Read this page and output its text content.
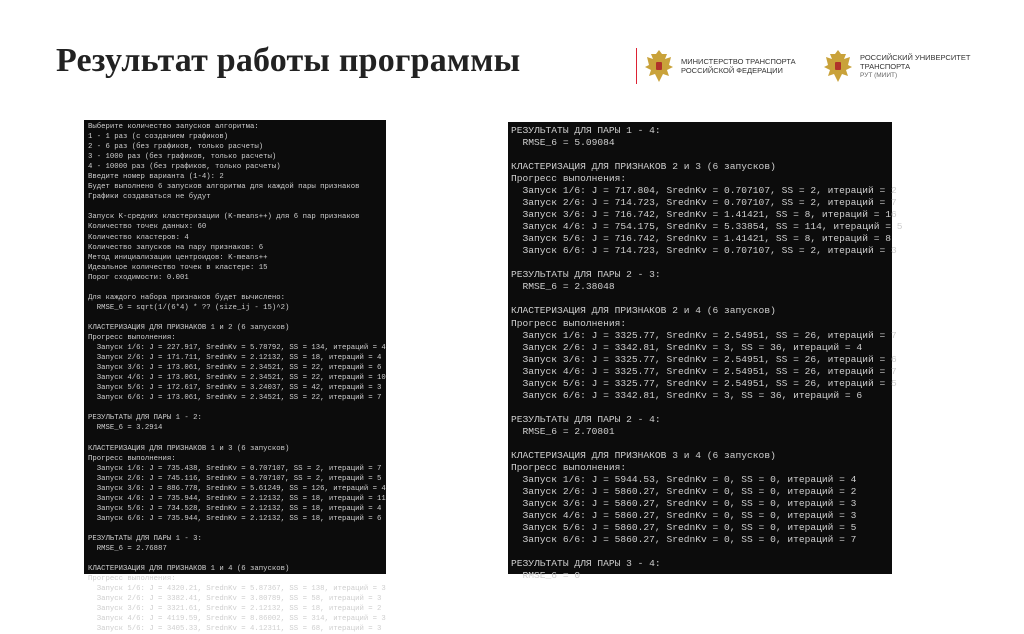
Результат работы программы	МИНИСТЕРСТВО ТРАНСПОРТА
РОССИЙСКОЙ ФЕДЕРАЦИИ
РОССИЙСКИЙ УНИВЕРСИТЕТ
ТРАНСПОРТА
РУТ (МИИТ)
Выберите количество запусков алгоритма:
1 - 1 раз (с созданием графиков)
2 - 6 раз (без графиков, только расчеты)
3 - 1000 раз (без графиков, только расчеты)
4 - 10000 раз (без графиков, только расчеты)
Введите номер варианта (1-4): 2
Будет выполнено 6 запусков алгоритма для каждой пары признаков
Графики создаваться не будут

Запуск K-средних кластеризации (K-means++) для 6 пар признаков
Количество точек данных: 60
Количество кластеров: 4
Количество запусков на пару признаков: 6
Метод инициализации центроидов: K-means++
Идеальное количество точек в кластере: 15
Порог сходимости: 0.001

Для каждого набора признаков будет вычислено:
RMSE_6 = sqrt(1/(6*4) * ?? (size_ij - 15)^2)

КЛАСТЕРИЗАЦИЯ ДЛЯ ПРИЗНАКОВ 1 и 2 (6 запусков)
Прогресс выполнения:
Запуск 1/6: J = 227.917, SrednKv = 5.78792, SS = 134, итераций = 4
Запуск 2/6: J = 171.711, SrednKv = 2.12132, SS = 18, итераций = 4
Запуск 3/6: J = 173.061, SrednKv = 2.34521, SS = 22, итераций = 6
Запуск 4/6: J = 173.061, SrednKv = 2.34521, SS = 22, итераций = 10
Запуск 5/6: J = 172.617, SrednKv = 3.24037, SS = 42, итераций = 3
Запуск 6/6: J = 173.061, SrednKv = 2.34521, SS = 22, итераций = 7

РЕЗУЛЬТАТЫ ДЛЯ ПАРЫ 1 - 2:
RMSE_6 = 3.2914

КЛАСТЕРИЗАЦИЯ ДЛЯ ПРИЗНАКОВ 1 и 3 (6 запусков)
Прогресс выполнения:
Запуск 1/6: J = 735.438, SrednKv = 0.707107, SS = 2, итераций = 7
Запуск 2/6: J = 745.116, SrednKv = 0.707107, SS = 2, итераций = 5
Запуск 3/6: J = 886.778, SrednKv = 5.61249, SS = 126, итераций = 4
Запуск 4/6: J = 735.944, SrednKv = 2.12132, SS = 18, итераций = 11
Запуск 5/6: J = 734.528, SrednKv = 2.12132, SS = 18, итераций = 4
Запуск 6/6: J = 735.944, SrednKv = 2.12132, SS = 18, итераций = 6

РЕЗУЛЬТАТЫ ДЛЯ ПАРЫ 1 - 3:
RMSE_6 = 2.76887

КЛАСТЕРИЗАЦИЯ ДЛЯ ПРИЗНАКОВ 1 и 4 (6 запусков)
Прогресс выполнения:
Запуск 1/6: J = 4320.21, SrednKv = 5.87367, SS = 138, итераций = 3
Запуск 2/6: J = 3382.41, SrednKv = 3.80789, SS = 58, итераций = 3
Запуск 3/6: J = 3321.61, SrednKv = 2.12132, SS = 18, итераций = 2
Запуск 4/6: J = 4119.59, SrednKv = 8.86002, SS = 314, итераций = 3
Запуск 5/6: J = 3405.33, SrednKv = 4.12311, SS = 68, итераций = 3
РЕЗУЛЬТАТЫ ДЛЯ ПАРЫ 1 - 4:
RMSE_6 = 5.09084

КЛАСТЕРИЗАЦИЯ ДЛЯ ПРИЗНАКОВ 2 и 3 (6 запусков)
Прогресс выполнения:
Запуск 1/6: J = 717.804, SrednKv = 0.707107, SS = 2, итераций = 2
Запуск 2/6: J = 714.723, SrednKv = 0.707107, SS = 2, итераций = 7
Запуск 3/6: J = 716.742, SrednKv = 1.41421, SS = 8, итераций = 16
Запуск 4/6: J = 754.175, SrednKv = 5.33854, SS = 114, итераций = 5
Запуск 5/6: J = 716.742, SrednKv = 1.41421, SS = 8, итераций = 8
Запуск 6/6: J = 714.723, SrednKv = 0.707107, SS = 2, итераций = 3

РЕЗУЛЬТАТЫ ДЛЯ ПАРЫ 2 - 3:
RMSE_6 = 2.38048

КЛАСТЕРИЗАЦИЯ ДЛЯ ПРИЗНАКОВ 2 и 4 (6 запусков)
Прогресс выполнения:
Запуск 1/6: J = 3325.77, SrednKv = 2.54951, SS = 26, итераций = 7
Запуск 2/6: J = 3342.81, SrednKv = 3, SS = 36, итераций = 4
Запуск 3/6: J = 3325.77, SrednKv = 2.54951, SS = 26, итераций = 6
Запуск 4/6: J = 3325.77, SrednKv = 2.54951, SS = 26, итераций = 7
Запуск 5/6: J = 3325.77, SrednKv = 2.54951, SS = 26, итераций = 5
Запуск 6/6: J = 3342.81, SrednKv = 3, SS = 36, итераций = 6

РЕЗУЛЬТАТЫ ДЛЯ ПАРЫ 2 - 4:
RMSE_6 = 2.70801

КЛАСТЕРИЗАЦИЯ ДЛЯ ПРИЗНАКОВ 3 и 4 (6 запусков)
Прогресс выполнения:
Запуск 1/6: J = 5944.53, SrednKv = 0, SS = 0, итераций = 4
Запуск 2/6: J = 5860.27, SrednKv = 0, SS = 0, итераций = 2
Запуск 3/6: J = 5860.27, SrednKv = 0, SS = 0, итераций = 3
Запуск 4/6: J = 5860.27, SrednKv = 0, SS = 0, итераций = 3
Запуск 5/6: J = 5860.27, SrednKv = 0, SS = 0, итераций = 5
Запуск 6/6: J = 5860.27, SrednKv = 0, SS = 0, итераций = 7

РЕЗУЛЬТАТЫ ДЛЯ ПАРЫ 3 - 4:
RMSE_6 = 0
